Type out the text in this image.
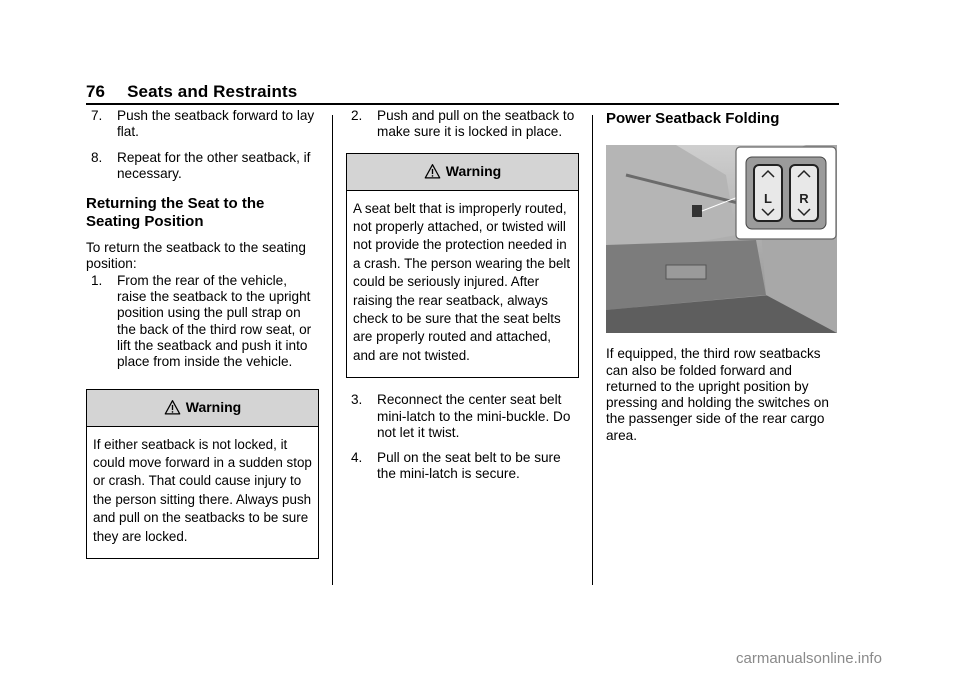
76 Seats and Restraints
7. Push the seatback forward to lay flat.

8. Repeat for the other seatback, if necessary.

Returning the Seat to the Seating Position

To return the seatback to the seating position:

1. From the rear of the vehicle, raise the seatback to the upright position using the pull strap on the back of the third row seat, or lift the seatback and push it into place from inside the vehicle.

Warning
If either seatback is not locked, it could move forward in a sudden stop or crash. That could cause injury to the person sitting there. Always push and pull on the seatbacks to be sure they are locked.
2. Push and pull on the seatback to make sure it is locked in place.

Warning
A seat belt that is improperly routed, not properly attached, or twisted will not provide the protection needed in a crash. The person wearing the belt could be seriously injured. After raising the rear seatback, always check to be sure that the seat belts are properly routed and attached, and are not twisted.
3. Reconnect the center seat belt mini-latch to the mini-buckle. Do not let it twist.

4. Pull on the seat belt to be sure the mini-latch is secure.

Power Seatback Folding
L R

If equipped, the third row seatbacks can also be folded forward and returned to the upright position by pressing and holding the switches on the passenger side of the rear cargo area.

carmanualsonline.info
